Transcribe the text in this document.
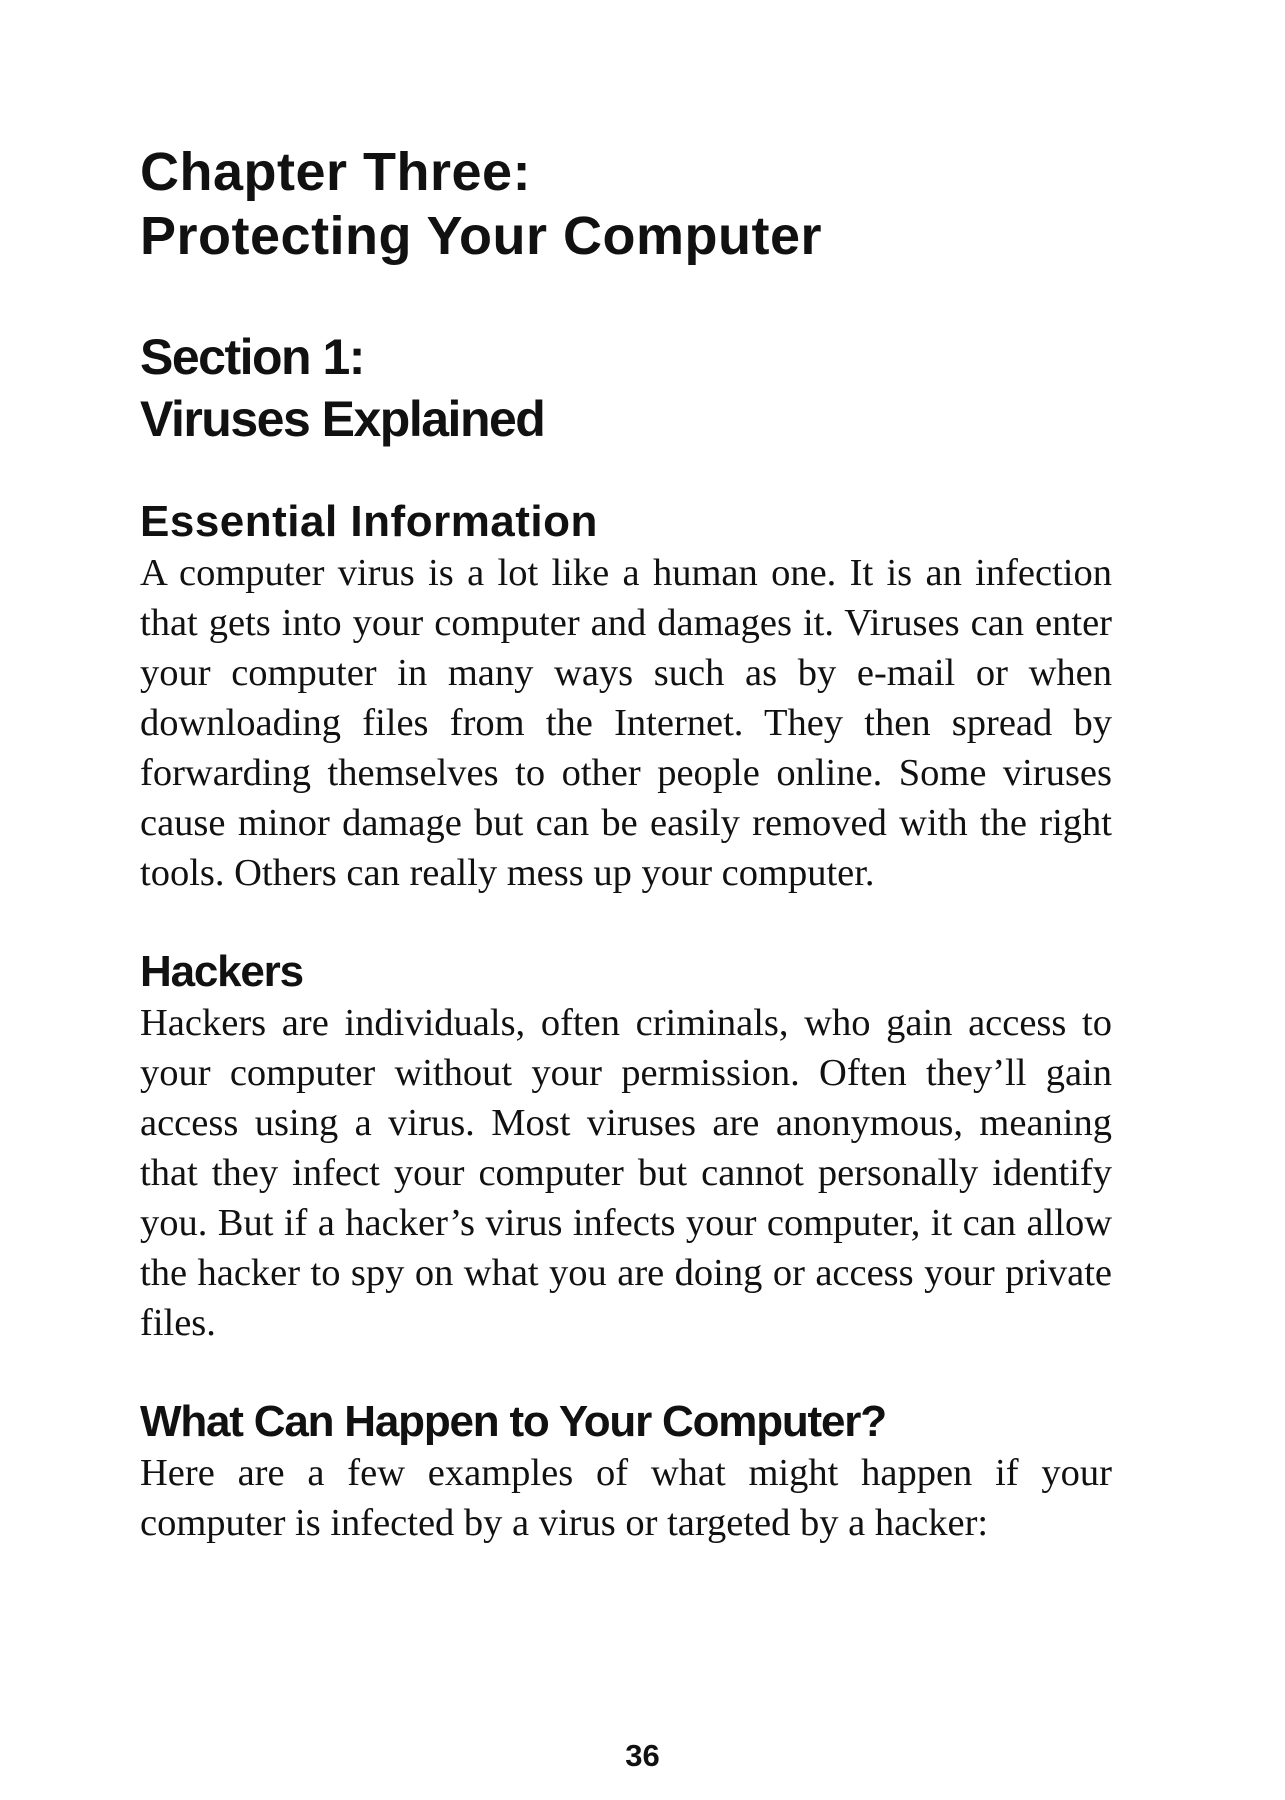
Chapter Three:
Protecting Your Computer
Section 1:
Viruses Explained
Essential Information

A computer virus is a lot like a human one. It is an infection that gets into your computer and damages it. Viruses can enter your computer in many ways such as by e-mail or when downloading files from the Internet. They then spread by forwarding themselves to other people online. Some viruses cause minor damage but can be easily removed with the right tools. Others can really mess up your computer.

Hackers

Hackers are individuals, often criminals, who gain access to your computer without your permission. Often they’ll gain access using a virus. Most viruses are anonymous, meaning that they infect your computer but cannot personally identify you. But if a hacker’s virus infects your computer, it can allow the hacker to spy on what you are doing or access your private files.

What Can Happen to Your Computer?

Here are a few examples of what might happen if your computer is infected by a virus or targeted by a hacker:

36
